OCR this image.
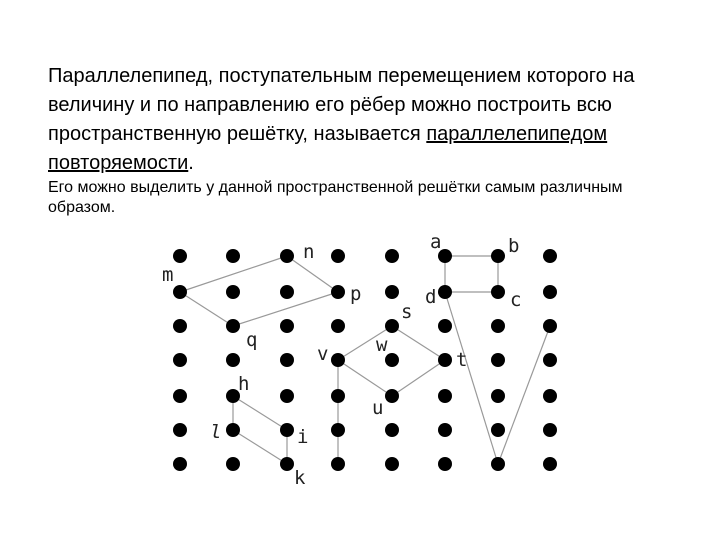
Параллелепипед, поступательным перемещением которого на величину и по направлению его рёбер можно построить всю пространственную решётку, называется параллелепипедом повторяемости.

Его можно выделить у данной пространственной решётки самым различным образом.

m
n	a	b
p	d	c
s
q	w
v	t
h
u
l	i
k
